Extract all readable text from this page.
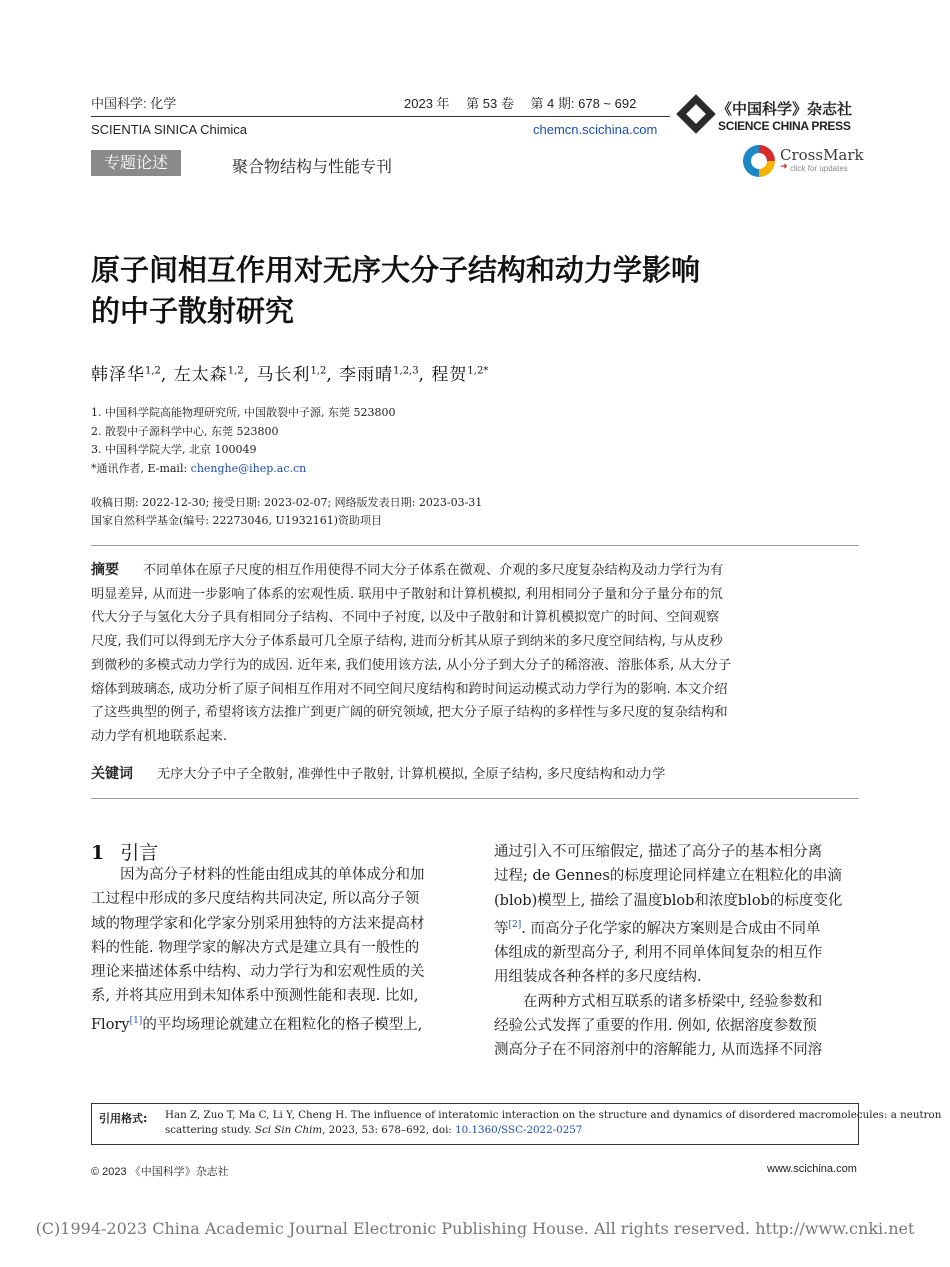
中国科学: 化学	2023 年 　第 53 卷 　第 4 期: 678 ~ 692
SCIENTIA SINICA Chimica	chemcn.scichina.com
《中国科学》杂志社
SCIENCE CHINA PRESS
CrossMark
➜ click for updates
专题论述	聚合物结构与性能专刊
原子间相互作用对无序大分子结构和动力学影响
的中子散射研究
韩泽华$^{1,2}$, 左太森$^{1,2}$, 马长利$^{1,2}$, 李雨晴$^{1,2,3}$, 程贺$^{1,2*}$
1. 中国科学院高能物理研究所, 中国散裂中子源, 东莞 523800
2. 散裂中子源科学中心, 东莞 523800
3. 中国科学院大学, 北京 100049
*通讯作者, E-mail: chenghe@ihep.ac.cn
收稿日期: 2022-12-30; 接受日期: 2023-02-07; 网络版发表日期: 2023-03-31
国家自然科学基金(编号: 22273046, U1932161)资助项目
摘要 不同单体在原子尺度的相互作用使得不同大分子体系在微观、介观的多尺度复杂结构及动力学行为有
明显差异, 从而进一步影响了体系的宏观性质. 联用中子散射和计算机模拟, 利用相同分子量和分子量分布的氘
代大分子与氢化大分子具有相同分子结构、不同中子衬度, 以及中子散射和计算机模拟宽广的时间、空间观察
尺度, 我们可以得到无序大分子体系最可几全原子结构, 进而分析其从原子到纳米的多尺度空间结构, 与从皮秒
到微秒的多模式动力学行为的成因. 近年来, 我们使用该方法, 从小分子到大分子的稀溶液、溶胀体系, 从大分子
熔体到玻璃态, 成功分析了原子间相互作用对不同空间尺度结构和跨时间运动模式动力学行为的影响. 本文介绍
了这些典型的例子, 希望将该方法推广到更广阔的研究领域, 把大分子原子结构的多样性与多尺度的复杂结构和
动力学有机地联系起来.
关键词 无序大分子中子全散射, 准弹性中子散射, 计算机模拟, 全原子结构, 多尺度结构和动力学
1 引言
　　因为高分子材料的性能由组成其的单体成分和加
工过程中形成的多尺度结构共同决定, 所以高分子领
域的物理学家和化学家分别采用独特的方法来提高材
料的性能. 物理学家的解决方式是建立具有一般性的
理论来描述体系中结构、动力学行为和宏观性质的关
系, 并将其应用到未知体系中预测性能和表现. 比如,
Flory[1]的平均场理论就建立在粗粒化的格子模型上,
通过引入不可压缩假定, 描述了高分子的基本相分离
过程; de Gennes的标度理论同样建立在粗粒化的串滴
(blob)模型上, 描绘了温度blob和浓度blob的标度变化
等[2]. 而高分子化学家的解决方案则是合成由不同单
体组成的新型高分子, 利用不同单体间复杂的相互作
用组装成各种各样的多尺度结构.
　　在两种方式相互联系的诸多桥梁中, 经验参数和
经验公式发挥了重要的作用. 例如, 依据溶度参数预
测高分子在不同溶剂中的溶解能力, 从而选择不同溶
引用格式: Han Z, Zuo T, Ma C, Li Y, Cheng H. The influence of interatomic interaction on the structure and dynamics of disordered macromolecules: a neutron
scattering study. Sci Sin Chim, 2023, 53: 678–692, doi: 10.1360/SSC-2022-0257
© 2023 《中国科学》杂志社	www.scichina.com
(C)1994-2023 China Academic Journal Electronic Publishing House. All rights reserved. http://www.cnki.net
